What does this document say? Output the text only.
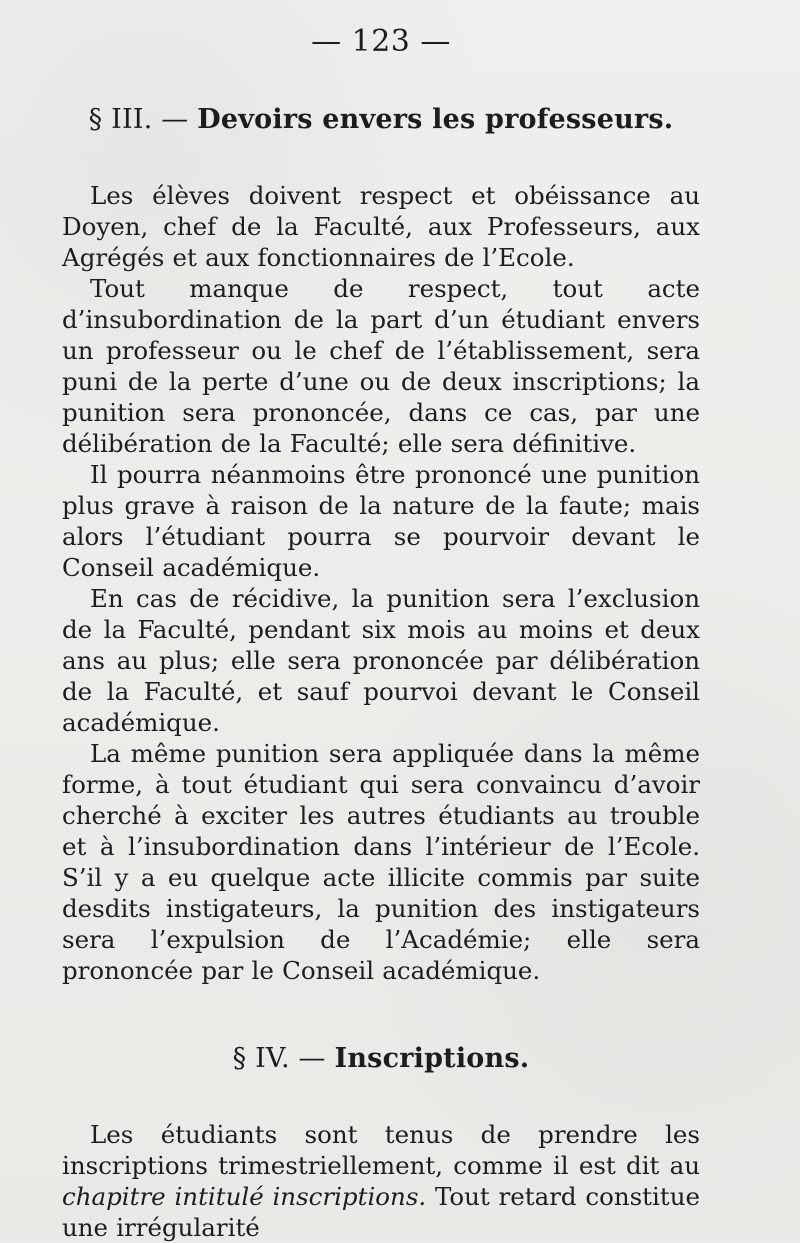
— 123 —
§ III. — Devoirs envers les professeurs.

Les élèves doivent respect et obéissance au Doyen, chef de la Faculté, aux Professeurs, aux Agrégés et aux fonctionnaires de l’Ecole.

Tout manque de respect, tout acte d’insubordination de la part d’un étudiant envers un professeur ou le chef de l’établissement, sera puni de la perte d’une ou de deux inscriptions; la punition sera prononcée, dans ce cas, par une délibération de la Faculté; elle sera définitive.

Il pourra néanmoins être prononcé une punition plus grave à raison de la nature de la faute; mais alors l’étudiant pourra se pourvoir devant le Conseil académique.

En cas de récidive, la punition sera l’exclusion de la Faculté, pendant six mois au moins et deux ans au plus; elle sera prononcée par délibération de la Faculté, et sauf pourvoi devant le Conseil académique.

La même punition sera appliquée dans la même forme, à tout étudiant qui sera convaincu d’avoir cherché à exciter les autres étudiants au trouble et à l’insubordination dans l’intérieur de l’Ecole. S’il y a eu quelque acte illicite commis par suite desdits instigateurs, la punition des instigateurs sera l’expulsion de l’Académie; elle sera prononcée par le Conseil académique.

§ IV. — Inscriptions.

Les étudiants sont tenus de prendre les inscriptions trimestriellement, comme il est dit au chapitre intitulé inscriptions. Tout retard constitue une irrégularité
